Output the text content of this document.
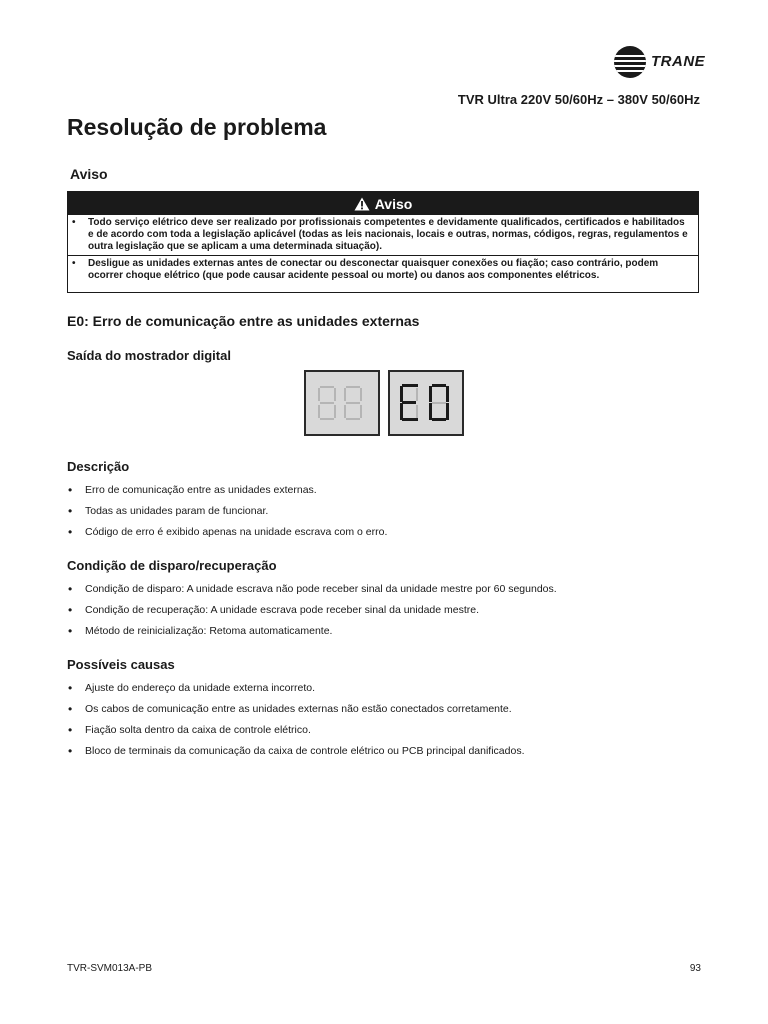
TRANE
TVR Ultra 220V 50/60Hz – 380V 50/60Hz
Resolução de problema
Aviso
Aviso
•	Todo serviço elétrico deve ser realizado por profissionais competentes e devidamente qualificados, certificados e habilitados e de acordo com toda a legislação aplicável (todas as leis nacionais, locais e outras, normas, códigos, regras, regulamentos e outra legislação que se aplicam a uma determinada situação).
•	Desligue as unidades externas antes de conectar ou desconectar quaisquer conexões ou fiação; caso contrário, podem ocorrer choque elétrico (que pode causar acidente pessoal ou morte) ou danos aos componentes elétricos.
E0: Erro de comunicação entre as unidades externas
Saída do mostrador digital
Descrição
• Erro de comunicação entre as unidades externas.
• Todas as unidades param de funcionar.
• Código de erro é exibido apenas na unidade escrava com o erro.
Condição de disparo/recuperação
• Condição de disparo: A unidade escrava não pode receber sinal da unidade mestre por 60 segundos.
• Condição de recuperação: A unidade escrava pode receber sinal da unidade mestre.
• Método de reinicialização: Retoma automaticamente.
Possíveis causas
• Ajuste do endereço da unidade externa incorreto.
• Os cabos de comunicação entre as unidades externas não estão conectados corretamente.
• Fiação solta dentro da caixa de controle elétrico.
• Bloco de terminais da comunicação da caixa de controle elétrico ou PCB principal danificados.
TVR-SVM013A-PB	93
